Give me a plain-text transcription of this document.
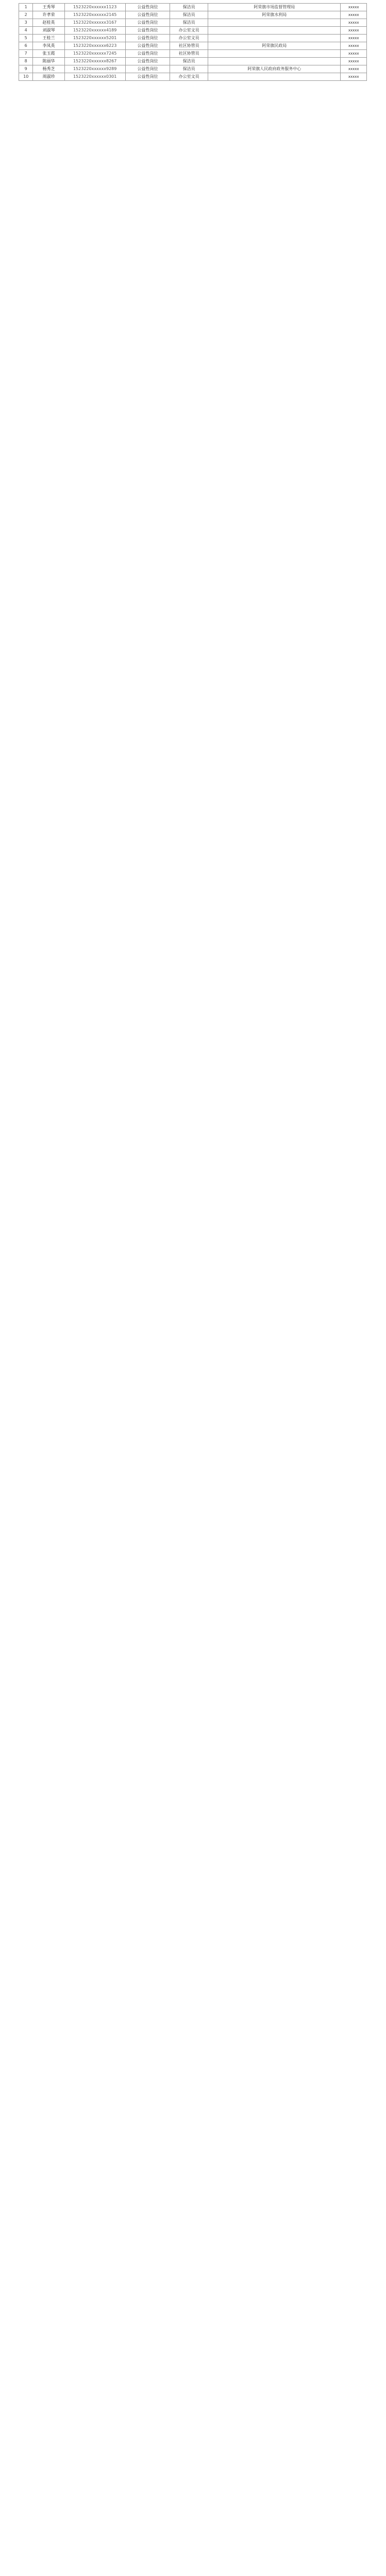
1	王秀琴	1523220xxxxxx1123	公益性岗位	保洁员	阿荣旗市场监督管理局	xxxxx
2	许孝荣	1523220xxxxxx2145	公益性岗位	保洁员	阿荣旗水利局	xxxxx
3	赵桂英	1523220xxxxxx3167	公益性岗位	保洁员		xxxxx
4	刘淑琴	1523220xxxxxx4189	公益性岗位	办公室文员		xxxxx
5	王桂兰	1523220xxxxxx5201	公益性岗位	办公室文员		xxxxx
6	李凤英	1523220xxxxxx6223	公益性岗位	社区协管员	阿荣旗民政局	xxxxx
7	张玉霞	1523220xxxxxx7245	公益性岗位	社区协管员		xxxxx
8	陈丽华	1523220xxxxxx8267	公益性岗位	保洁员		xxxxx
9	杨秀芝	1523220xxxxxx9289	公益性岗位	保洁员	阿荣旗人民政府政务服务中心	xxxxx
10	周淑珍	1523220xxxxxx0301	公益性岗位	办公室文员		xxxxx
